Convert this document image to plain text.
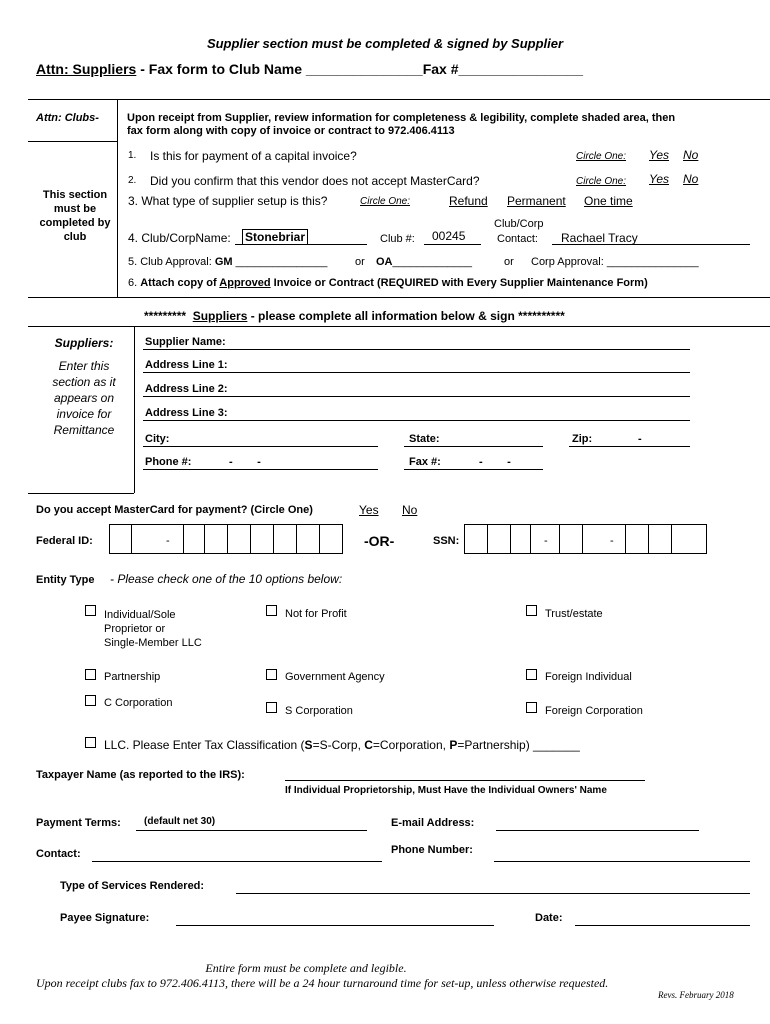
Supplier section must be completed & signed by Supplier
Attn: Suppliers - Fax form to Club Name _______________Fax #________________
Attn: Clubs-	Upon receipt from Supplier, review information for completeness & legibility, complete shaded area, then
fax form along with copy of invoice or contract to 972.406.4113
This section
must be
completed by
club
1. Is this for payment of a capital invoice?	Circle One: Yes No
2. Did you confirm that this vendor does not accept MasterCard?	Circle One: Yes No
3. What type of supplier setup is this?	Circle One:	Refund Permanent One time
4. Club/CorpName: Stonebriar	Club #: 00245
Club/Corp
Contact: Rachael Tracy
5. Club Approval: GM _______________	or OA_____________	or Corp Approval: _______________
6. Attach copy of Approved Invoice or Contract (REQUIRED with Every Supplier Maintenance Form)
********* Suppliers - please complete all information below & sign **********
Suppliers:
Enter this
section as it
appears on
invoice for
Remittance
Supplier Name:
Address Line 1:
Address Line 2:
Address Line 3:
City:	State:	Zip:	-
Phone #:	-        -	Fax #:	-        -
Do you accept MasterCard for payment? (Circle One)	Yes No
Federal ID:	-	-OR-	SSN:	-	-
Entity Type - Please check one of the 10 options below:
Individual/Sole
Proprietor or
Single-Member LLC
Not for Profit	Trust/estate
Partnership	Government Agency	Foreign Individual
C Corporation
S Corporation	Foreign Corporation
LLC. Please Enter Tax Classification (S=S-Corp, C=Corporation, P=Partnership) _______
Taxpayer Name (as reported to the IRS):
If Individual Proprietorship, Must Have the Individual Owners' Name
Payment Terms: (default net 30)	E-mail Address:
Contact:	Phone Number:
Type of Services Rendered:
Payee Signature:	Date:
Entire form must be complete and legible.
Upon receipt clubs fax to 972.406.4113, there will be a 24 hour turnaround time for set-up, unless otherwise requested.
Revs. February 2018
